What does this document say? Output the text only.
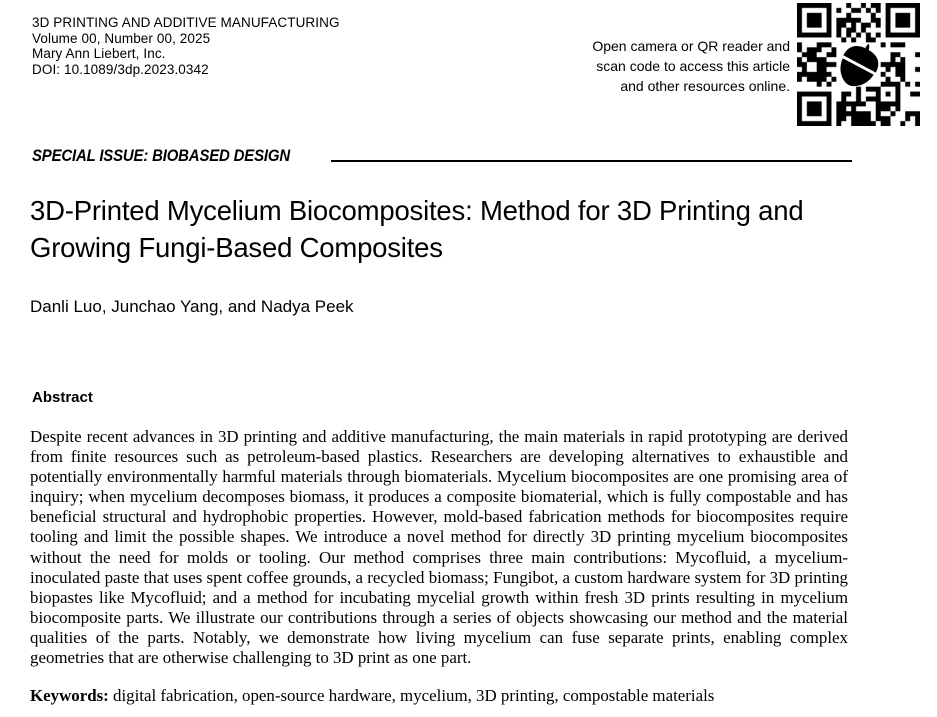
3D PRINTING AND ADDITIVE MANUFACTURING
Volume 00, Number 00, 2025
Mary Ann Liebert, Inc.
DOI: 10.1089/3dp.2023.0342
Open camera or QR reader and
scan code to access this article
and other resources online.
SPECIAL ISSUE: BIOBASED DESIGN
3D-Printed Mycelium Biocomposites: Method for 3D Printing and Growing Fungi-Based Composites
Danli Luo, Junchao Yang, and Nadya Peek
Abstract
Despite recent advances in 3D printing and additive manufacturing, the main materials in rapid prototyping are derived from finite resources such as petroleum-based plastics. Researchers are developing alternatives to exhaustible and potentially environmentally harmful materials through biomaterials. Mycelium biocomposites are one promising area of inquiry; when mycelium decomposes biomass, it produces a composite biomaterial, which is fully compostable and has beneficial structural and hydrophobic properties. However, mold-based fabrication methods for biocomposites require tooling and limit the possible shapes. We introduce a novel method for directly 3D printing mycelium biocomposites without the need for molds or tooling. Our method comprises three main contributions: Mycofluid, a mycelium-inoculated paste that uses spent coffee grounds, a recycled biomass; Fungibot, a custom hardware system for 3D printing biopastes like Mycofluid; and a method for incubating mycelial growth within fresh 3D prints resulting in mycelium biocomposite parts. We illustrate our contributions through a series of objects showcasing our method and the material qualities of the parts. Notably, we demonstrate how living mycelium can fuse separate prints, enabling complex geometries that are otherwise challenging to 3D print as one part.
Keywords: digital fabrication, open-source hardware, mycelium, 3D printing, compostable materials
